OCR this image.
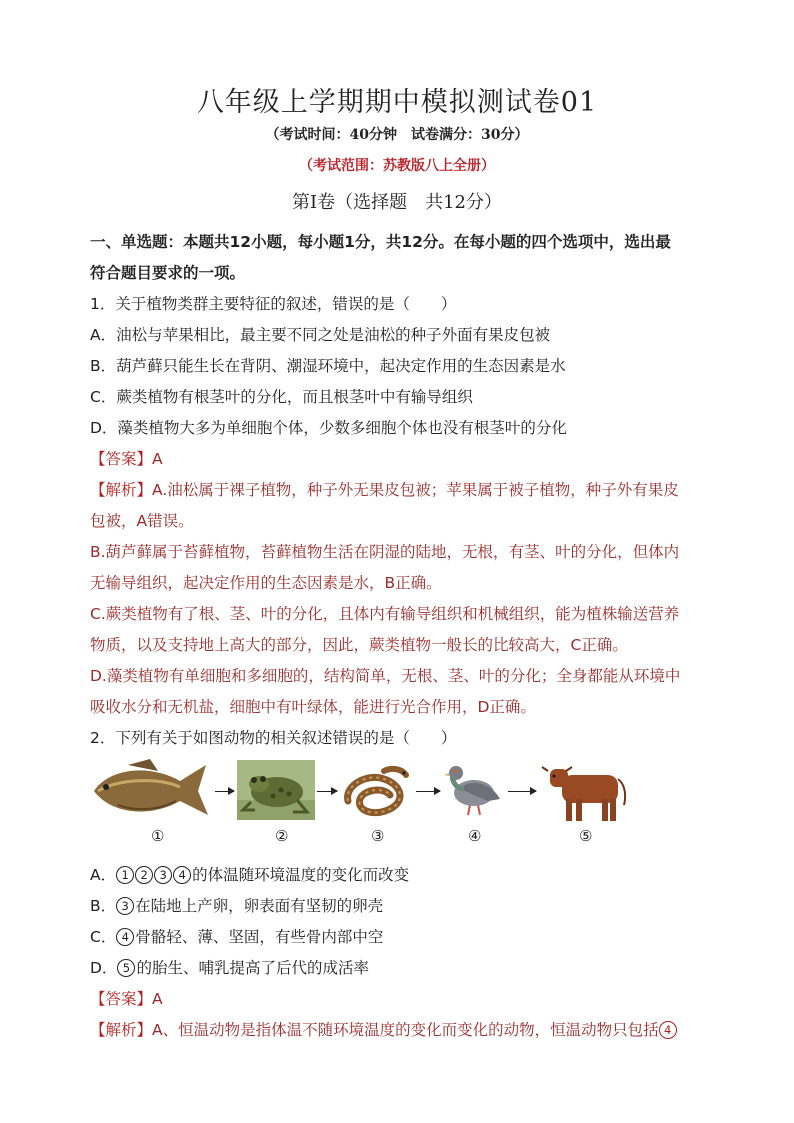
八年级上学期期中模拟测试卷01
（考试时间：40分钟　试卷满分：30分）
（考试范围：苏教版八上全册）
第Ⅰ卷（选择题　共12分）
一、单选题：本题共12小题，每小题1分，共12分。在每小题的四个选项中，选出最
符合题目要求的一项。
1．关于植物类群主要特征的叙述，错误的是（　　）
A．油松与苹果相比，最主要不同之处是油松的种子外面有果皮包被
B．葫芦藓只能生长在背阴、潮湿环境中，起决定作用的生态因素是水
C．蕨类植物有根茎叶的分化，而且根茎叶中有输导组织
D．藻类植物大多为单细胞个体，少数多细胞个体也没有根茎叶的分化
【答案】A
【解析】A.油松属于裸子植物，种子外无果皮包被；苹果属于被子植物，种子外有果皮
包被，A错误。
B.葫芦藓属于苔藓植物，苔藓植物生活在阴湿的陆地，无根，有茎、叶的分化，但体内
无输导组织，起决定作用的生态因素是水，B正确。
C.蕨类植物有了根、茎、叶的分化，且体内有输导组织和机械组织，能为植株输送营养
物质，以及支持地上高大的部分，因此，蕨类植物一般长的比较高大，C正确。
D.藻类植物有单细胞和多细胞的，结构简单，无根、茎、叶的分化；全身都能从环境中
吸收水分和无机盐，细胞中有叶绿体，能进行光合作用，D正确。
2．下列有关于如图动物的相关叙述错误的是（　　）
①	②	③	④	⑤
A． 1 2 3 4 的体温随环境温度的变化而改变
B． 3 在陆地上产卵，卵表面有坚韧的卵壳
C． 4 骨骼轻、薄、坚固，有些骨内部中空
D． 5 的胎生、哺乳提高了后代的成活率
【答案】A
【解析】A、恒温动物是指体温不随环境温度的变化而变化的动物，恒温动物只包括 4
